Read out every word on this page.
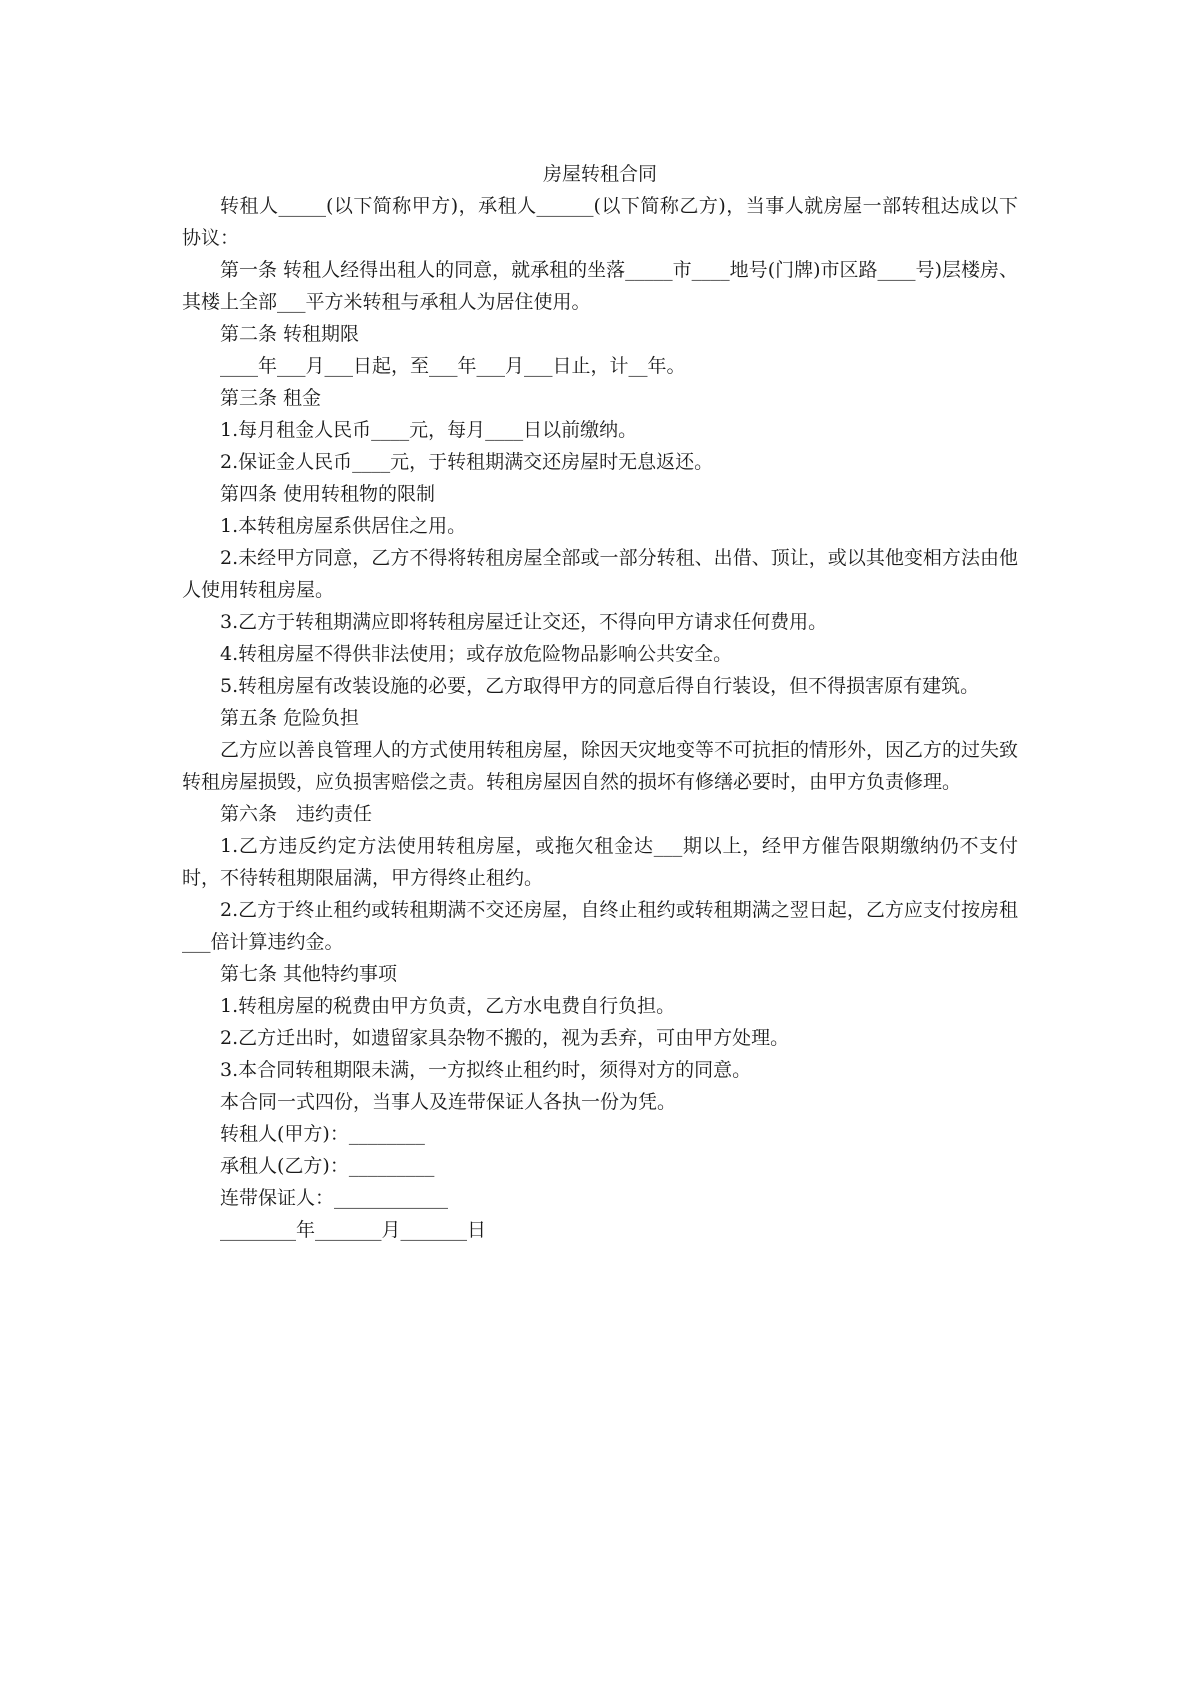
房屋转租合同

转租人_____(以下简称甲方)，承租人______(以下简称乙方)，当事人就房屋一部转租达成以下协议：

第一条 转租人经得出租人的同意，就承租的坐落_____市____地号(门牌)市区路____号)层楼房、其楼上全部___平方米转租与承租人为居住使用。

第二条 转租期限

____年___月___日起，至___年___月___日止，计__年。

第三条 租金

1.每月租金人民币____元，每月____日以前缴纳。

2.保证金人民币____元，于转租期满交还房屋时无息返还。

第四条 使用转租物的限制

1.本转租房屋系供居住之用。

2.未经甲方同意，乙方不得将转租房屋全部或一部分转租、出借、顶让，或以其他变相方法由他人使用转租房屋。

3.乙方于转租期满应即将转租房屋迁让交还，不得向甲方请求任何费用。

4.转租房屋不得供非法使用；或存放危险物品影响公共安全。

5.转租房屋有改装设施的必要，乙方取得甲方的同意后得自行装设，但不得损害原有建筑。

第五条 危险负担

乙方应以善良管理人的方式使用转租房屋，除因天灾地变等不可抗拒的情形外，因乙方的过失致转租房屋损毁，应负损害赔偿之责。转租房屋因自然的损坏有修缮必要时，由甲方负责修理。

第六条　违约责任

1.乙方违反约定方法使用转租房屋，或拖欠租金达___期以上，经甲方催告限期缴纳仍不支付时，不待转租期限届满，甲方得终止租约。

2.乙方于终止租约或转租期满不交还房屋，自终止租约或转租期满之翌日起，乙方应支付按房租___倍计算违约金。

第七条 其他特约事项

1.转租房屋的税费由甲方负责，乙方水电费自行负担。

2.乙方迁出时，如遗留家具杂物不搬的，视为丢弃，可由甲方处理。

3.本合同转租期限未满，一方拟终止租约时，须得对方的同意。

本合同一式四份，当事人及连带保证人各执一份为凭。

转租人(甲方)：________

承租人(乙方)：_________

连带保证人：____________

________年_______月_______日
